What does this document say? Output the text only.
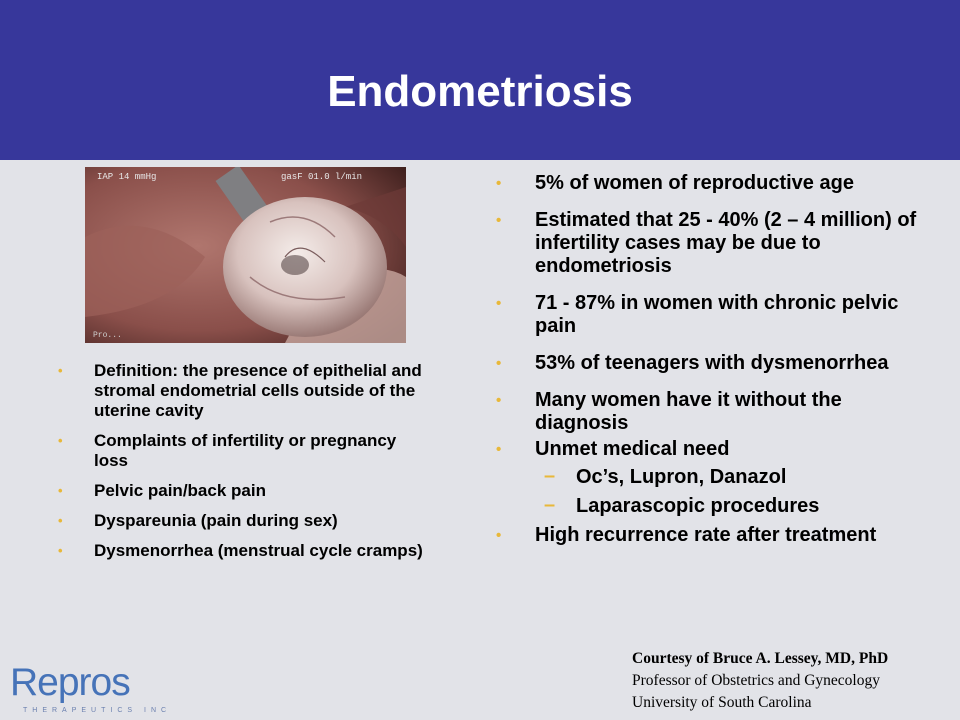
Endometriosis
IAP 14 mmHg	gasF 01.0 l/min
Pro...
• Definition: the presence of epithelial and stromal endometrial cells outside of the uterine cavity
• Complaints of infertility or pregnancy loss
• Pelvic pain/back pain
• Dyspareunia (pain during sex)
• Dysmenorrhea (menstrual cycle cramps)
• 5% of women of reproductive age
• Estimated that 25 - 40% (2 – 4 million) of infertility cases may be due to endometriosis
• 71 - 87% in women with chronic pelvic pain
• 53% of teenagers with dysmenorrhea
• Many women have it without the diagnosis
• Unmet medical need
– Oc’s, Lupron, Danazol
– Laparascopic procedures
• High recurrence rate after treatment
Courtesy of Bruce A. Lessey, MD, PhD
Professor of Obstetrics and Gynecology
University of South Carolina
Repros
THERAPEUTICS INC
